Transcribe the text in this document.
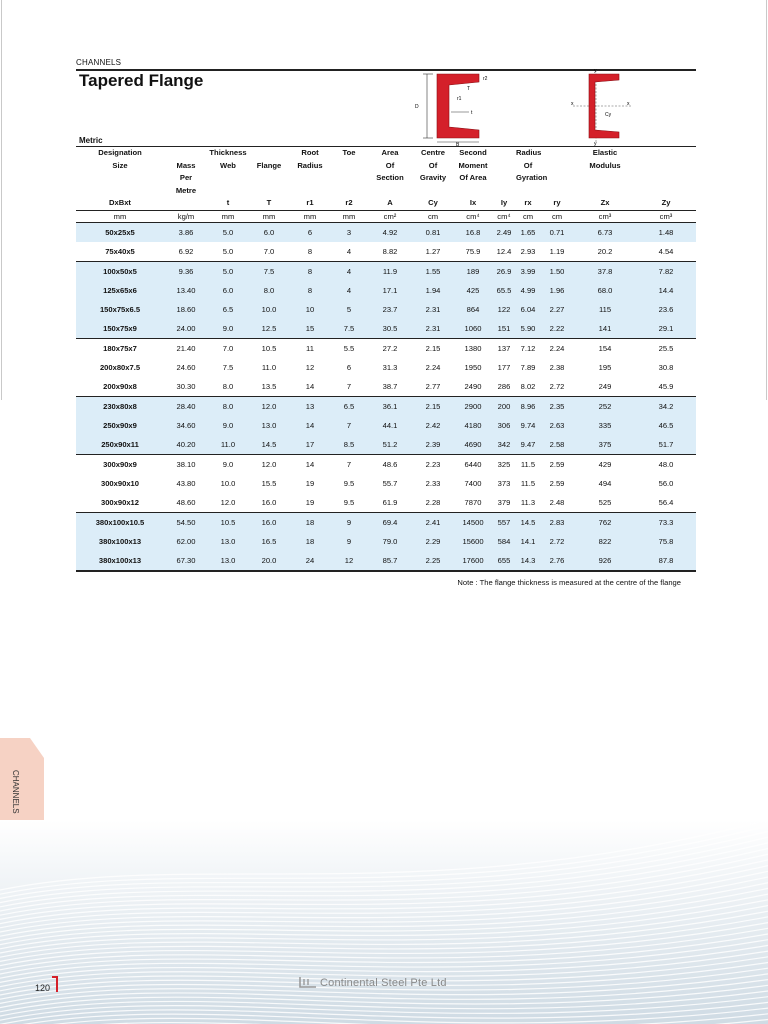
CHANNELS
Tapered Flange
Metric
D
B
T
r1
r2
t
y
y
x	x
Cy
Designation		Thickness		Root	Toe	Area	Centre	Second		Radius		Elastic	
Size	Mass	Web	Flange	Radius		Of	Of	Moment		Of		Modulus	
	Per					Section	Gravity	Of Area		Gyration			
	Metre												
DxBxt		t	T	r1	r2	A	Cy	Ix	Iy	rx	ry	Zx	Zy
mm	kg/m	mm	mm	mm	mm	cm²	cm	cm⁴	cm⁴	cm	cm	cm³	cm³
50x25x5	3.86	5.0	6.0	6	3	4.92	0.81	16.8	2.49	1.65	0.71	6.73	1.48
75x40x5	6.92	5.0	7.0	8	4	8.82	1.27	75.9	12.4	2.93	1.19	20.2	4.54
100x50x5	9.36	5.0	7.5	8	4	11.9	1.55	189	26.9	3.99	1.50	37.8	7.82
125x65x6	13.40	6.0	8.0	8	4	17.1	1.94	425	65.5	4.99	1.96	68.0	14.4
150x75x6.5	18.60	6.5	10.0	10	5	23.7	2.31	864	122	6.04	2.27	115	23.6
150x75x9	24.00	9.0	12.5	15	7.5	30.5	2.31	1060	151	5.90	2.22	141	29.1
180x75x7	21.40	7.0	10.5	11	5.5	27.2	2.15	1380	137	7.12	2.24	154	25.5
200x80x7.5	24.60	7.5	11.0	12	6	31.3	2.24	1950	177	7.89	2.38	195	30.8
200x90x8	30.30	8.0	13.5	14	7	38.7	2.77	2490	286	8.02	2.72	249	45.9
230x80x8	28.40	8.0	12.0	13	6.5	36.1	2.15	2900	200	8.96	2.35	252	34.2
250x90x9	34.60	9.0	13.0	14	7	44.1	2.42	4180	306	9.74	2.63	335	46.5
250x90x11	40.20	11.0	14.5	17	8.5	51.2	2.39	4690	342	9.47	2.58	375	51.7
300x90x9	38.10	9.0	12.0	14	7	48.6	2.23	6440	325	11.5	2.59	429	48.0
300x90x10	43.80	10.0	15.5	19	9.5	55.7	2.33	7400	373	11.5	2.59	494	56.0
300x90x12	48.60	12.0	16.0	19	9.5	61.9	2.28	7870	379	11.3	2.48	525	56.4
380x100x10.5	54.50	10.5	16.0	18	9	69.4	2.41	14500	557	14.5	2.83	762	73.3
380x100x13	62.00	13.0	16.5	18	9	79.0	2.29	15600	584	14.1	2.72	822	75.8
380x100x13	67.30	13.0	20.0	24	12	85.7	2.25	17600	655	14.3	2.76	926	87.8
Note : The flange thickness is measured at the centre of the flange
CHANNELS
120	Continental Steel Pte Ltd
